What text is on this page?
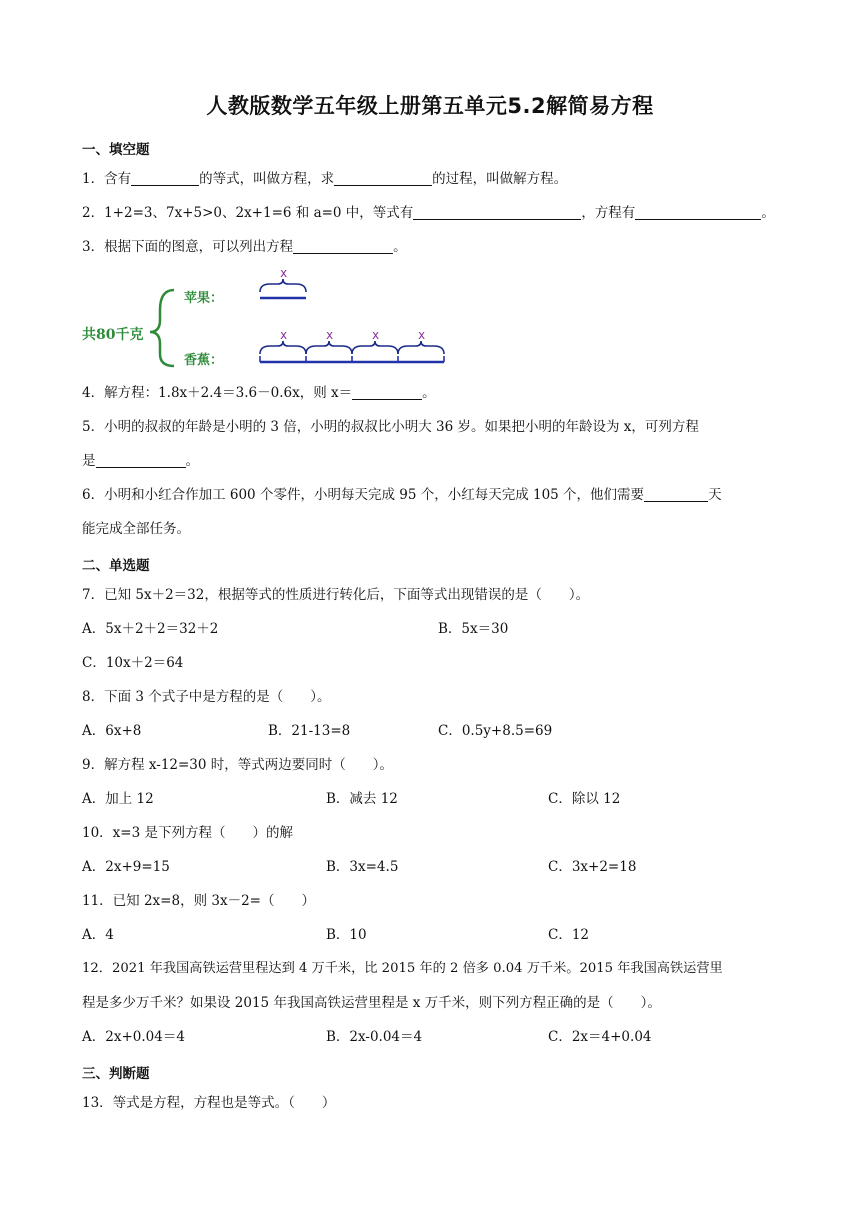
人教版数学五年级上册第五单元5.2解简易方程
一、填空题
1．含有	的等式，叫做方程，求	的过程，叫做解方程。
2．1+2=3、7x+5>0、2x+1=6 和 a=0 中，等式有	，方程有	。
3．根据下面的图意，可以列出方程	。
共80千克
苹果：
香蕉：
x
x	x	x	x
4．解方程：1.8x＋2.4＝3.6－0.6x，则 x＝	。
5．小明的叔叔的年龄是小明的 3 倍，小明的叔叔比小明大 36 岁。如果把小明的年龄设为 x，可列方程
是	。
6．小明和小红合作加工 600 个零件，小明每天完成 95 个，小红每天完成 105 个，他们需要	天
能完成全部任务。
二、单选题
7．已知 5x＋2＝32，根据等式的性质进行转化后，下面等式出现错误的是（　　）。
A．5x＋2＋2＝32＋2	B．5x＝30
C．10x＋2＝64
8．下面 3 个式子中是方程的是（　　）。
A．6x+8	B．21-13=8	C．0.5y+8.5=69
9．解方程 x-12=30 时，等式两边要同时（　　）。
A．加上 12	B．减去 12	C．除以 12
10．x=3 是下列方程（　　）的解
A．2x+9=15	B．3x=4.5	C．3x+2=18
11．已知 2x=8，则 3x－2=（　　）
A．4	B．10	C．12
12．2021 年我国高铁运营里程达到 4 万千米，比 2015 年的 2 倍多 0.04 万千米。2015 年我国高铁运营里
程是多少万千米？如果设 2015 年我国高铁运营里程是 x 万千米，则下列方程正确的是（　　）。
A．2x+0.04＝4	B．2x-0.04＝4	C．2x＝4+0.04
三、判断题
13．等式是方程，方程也是等式。（　　）
